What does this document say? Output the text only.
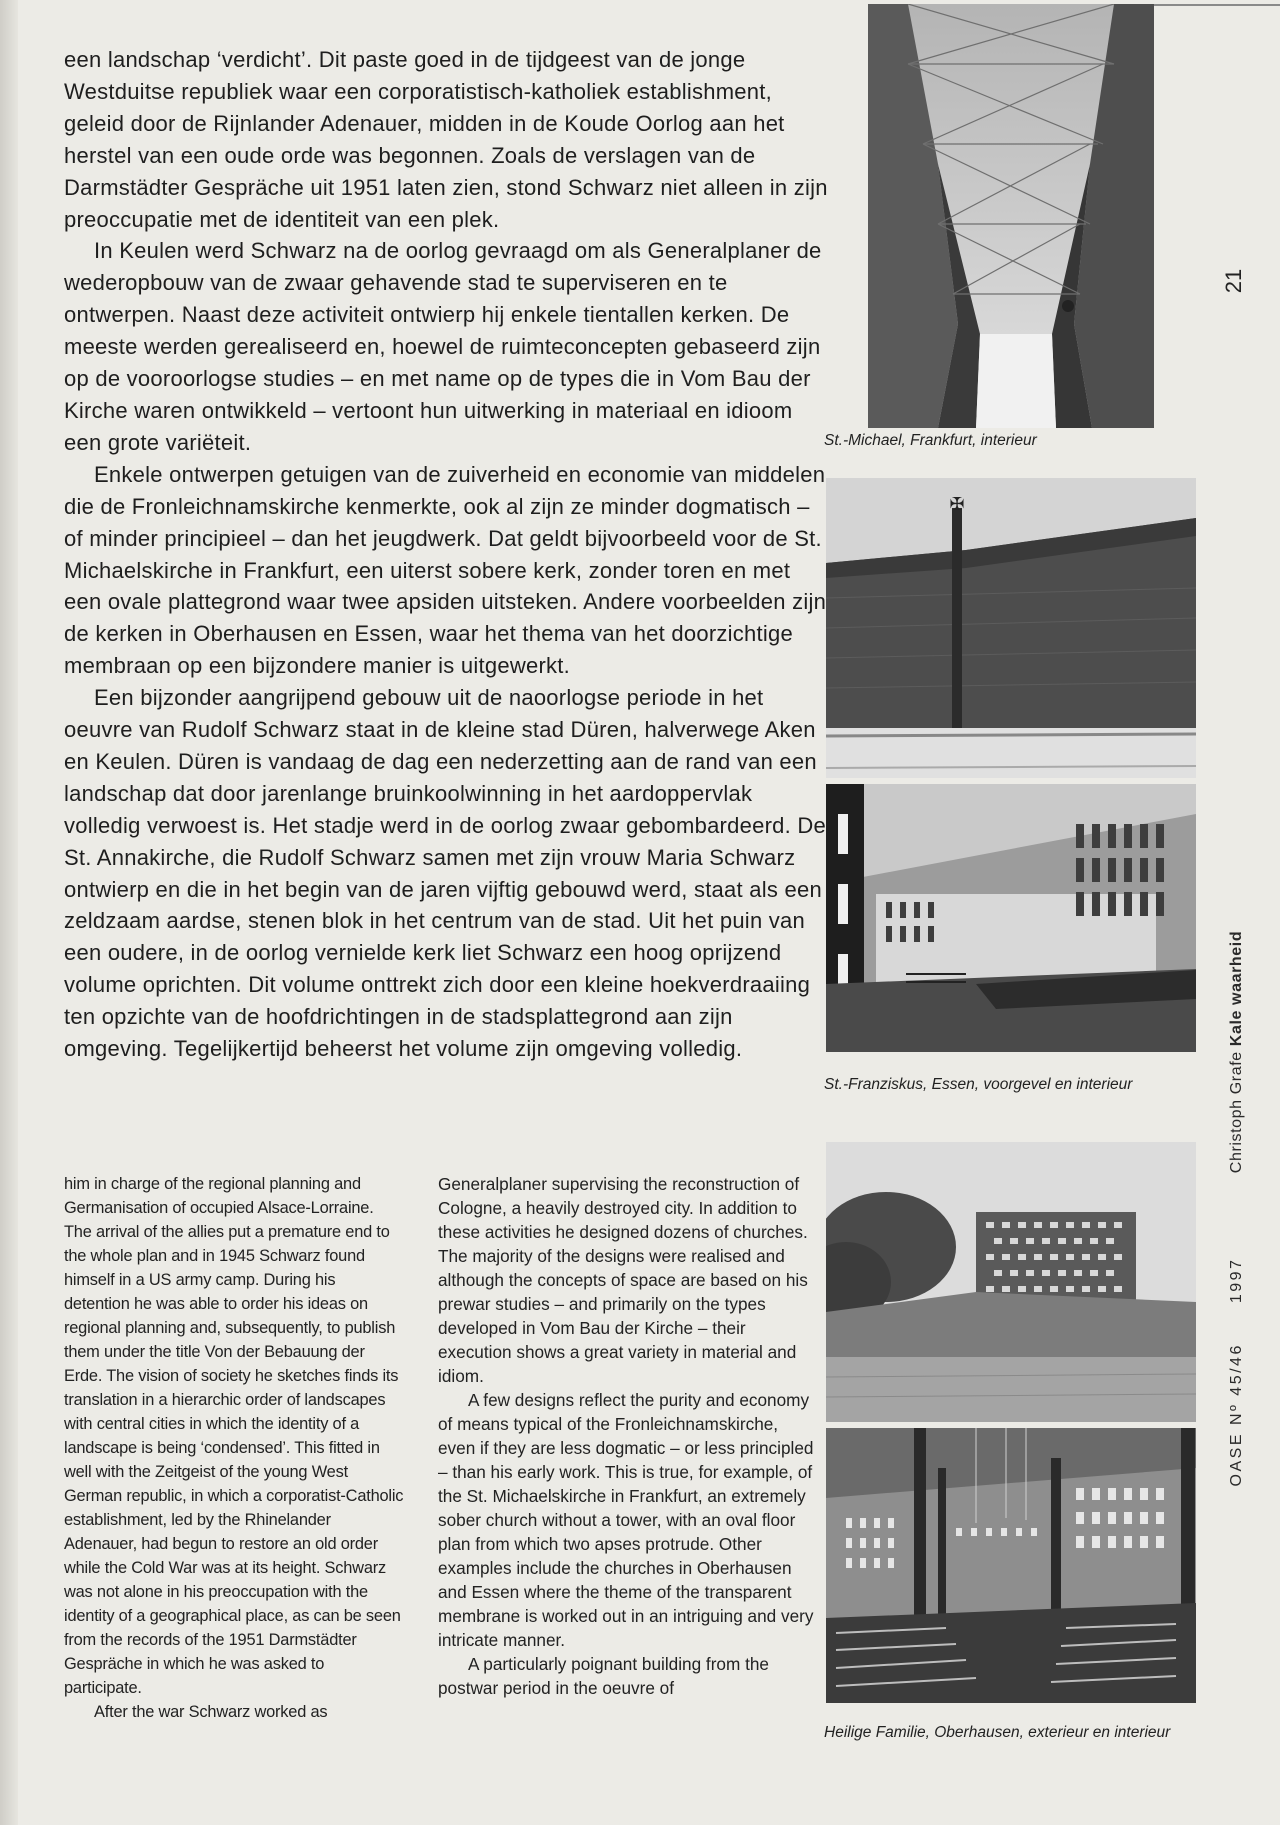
een landschap ‘verdicht’. Dit paste goed in de tijdgeest van de jonge Westduitse republiek waar een corporatistisch-katholiek establishment, geleid door de Rijnlander Adenauer, midden in de Koude Oorlog aan het herstel van een oude orde was begonnen. Zoals de verslagen van de Darmstädter Gespräche uit 1951 laten zien, stond Schwarz niet alleen in zijn preoccupatie met de identiteit van een plek.

In Keulen werd Schwarz na de oorlog gevraagd om als Generalplaner de wederopbouw van de zwaar gehavende stad te superviseren en te ontwerpen. Naast deze activiteit ontwierp hij enkele tientallen kerken. De meeste werden gerealiseerd en, hoewel de ruimteconcepten gebaseerd zijn op de vooroorlogse studies – en met name op de types die in Vom Bau der Kirche waren ontwikkeld – vertoont hun uitwerking in materiaal en idioom een grote variëteit.

Enkele ontwerpen getuigen van de zuiverheid en economie van middelen die de Fronleichnamskirche kenmerkte, ook al zijn ze minder dogmatisch – of minder principieel – dan het jeugdwerk. Dat geldt bijvoorbeeld voor de St. Michaelskirche in Frankfurt, een uiterst sobere kerk, zonder toren en met een ovale plattegrond waar twee apsiden uitsteken. Andere voorbeelden zijn de kerken in Oberhausen en Essen, waar het thema van het doorzichtige membraan op een bijzondere manier is uitgewerkt.

Een bijzonder aangrijpend gebouw uit de naoorlogse periode in het oeuvre van Rudolf Schwarz staat in de kleine stad Düren, halverwege Aken en Keulen. Düren is vandaag de dag een nederzetting aan de rand van een landschap dat door jarenlange bruinkoolwinning in het aardoppervlak volledig verwoest is. Het stadje werd in de oorlog zwaar gebombardeerd. De St. Annakirche, die Rudolf Schwarz samen met zijn vrouw Maria Schwarz ontwierp en die in het begin van de jaren vijftig gebouwd werd, staat als een zeldzaam aardse, stenen blok in het centrum van de stad. Uit het puin van een oudere, in de oorlog vernielde kerk liet Schwarz een hoog oprijzend volume oprichten. Dit volume onttrekt zich door een kleine hoekverdraaiing ten opzichte van de hoofdrichtingen in de stadsplattegrond aan zijn omgeving. Tegelijkertijd beheerst het volume zijn omgeving volledig.

him in charge of the regional planning and Germanisation of occupied Alsace-Lorraine. The arrival of the allies put a premature end to the whole plan and in 1945 Schwarz found himself in a US army camp. During his detention he was able to order his ideas on regional planning and, subsequently, to publish them under the title Von der Bebauung der Erde. The vision of society he sketches finds its translation in a hierarchic order of landscapes with central cities in which the identity of a landscape is being ‘condensed’. This fitted in well with the Zeitgeist of the young West German republic, in which a corporatist-Catholic establishment, led by the Rhinelander Adenauer, had begun to restore an old order while the Cold War was at its height. Schwarz was not alone in his preoccupation with the identity of a geographical place, as can be seen from the records of the 1951 Darmstädter Gespräche in which he was asked to participate.

After the war Schwarz worked as

Generalplaner supervising the reconstruction of Cologne, a heavily destroyed city. In addition to these activities he designed dozens of churches. The majority of the designs were realised and although the concepts of space are based on his prewar studies – and primarily on the types developed in Vom Bau der Kirche – their execution shows a great variety in material and idiom.

A few designs reflect the purity and economy of means typical of the Fronleichnamskirche, even if they are less dogmatic – or less principled – than his early work. This is true, for example, of the St. Michaelskirche in Frankfurt, an extremely sober church without a tower, with an oval floor plan from which two apses protrude. Other examples include the churches in Oberhausen and Essen where the theme of the transparent membrane is worked out in an intriguing and very intricate manner.

A particularly poignant building from the postwar period in the oeuvre of

St.-Michael, Frankfurt, interieur
✠
St.-Franziskus, Essen, voorgevel en interieur
Heilige Familie, Oberhausen, exterieur en interieur
21
Christoph Grafe Kale waarheid
OASE Nº 45/461997
